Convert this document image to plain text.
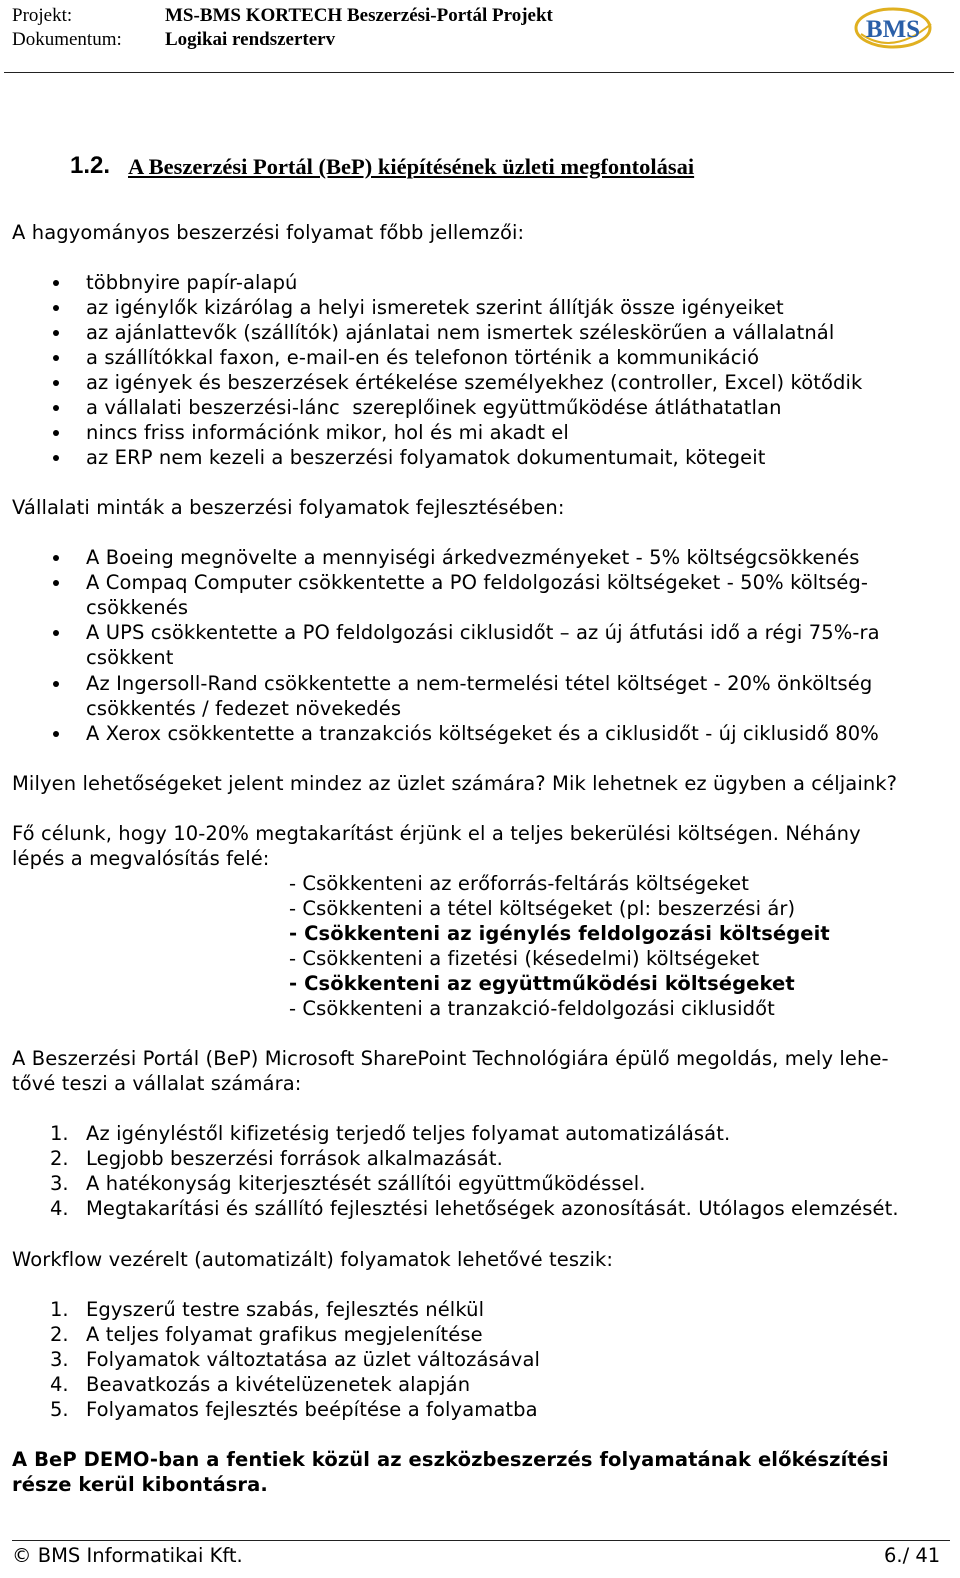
Projekt:	MS-BMS KORTECH Beszerzési-Portál Projekt
Dokumentum: Logikai rendszerterv	BMS
1.2. A Beszerzési Portál (BeP) kiépítésének üzleti megfontolásai
A hagyományos beszerzési folyamat főbb jellemzői:
többnyire papír-alapú
az igénylők kizárólag a helyi ismeretek szerint állítják össze igényeiket
az ajánlattevők (szállítók) ajánlatai nem ismertek széleskörűen a vállalatnál
a szállítókkal faxon, e-mail-en és telefonon történik a kommunikáció
az igények és beszerzések értékelése személyekhez (controller, Excel) kötődik
a vállalati beszerzési-lánc  szereplőinek együttműködése átláthatatlan
nincs friss információnk mikor, hol és mi akadt el
az ERP nem kezeli a beszerzési folyamatok dokumentumait, kötegeit
Vállalati minták a beszerzési folyamatok fejlesztésében:
A Boeing megnövelte a mennyiségi árkedvezményeket - 5% költségcsökkenés
A Compaq Computer csökkentette a PO feldolgozási költségeket - 50% költség-
csökkenés
A UPS csökkentette a PO feldolgozási ciklusidőt – az új átfutási idő a régi 75%-ra
csökkent
Az Ingersoll-Rand csökkentette a nem-termelési tétel költséget - 20% önköltség
csökkentés / fedezet növekedés
A Xerox csökkentette a tranzakciós költségeket és a ciklusidőt - új ciklusidő 80%
Milyen lehetőségeket jelent mindez az üzlet számára? Mik lehetnek ez ügyben a céljaink?
Fő célunk, hogy 10-20% megtakarítást érjünk el a teljes bekerülési költségen. Néhány
lépés a megvalósítás felé:
- Csökkenteni az erőforrás-feltárás költségeket
- Csökkenteni a tétel költségeket (pl: beszerzési ár)
- Csökkenteni az igénylés feldolgozási költségeit
- Csökkenteni a fizetési (késedelmi) költségeket
- Csökkenteni az együttműködési költségeket
- Csökkenteni a tranzakció-feldolgozási ciklusidőt
A Beszerzési Portál (BeP) Microsoft SharePoint Technológiára épülő megoldás, mely lehe-
tővé teszi a vállalat számára:
1. Az igényléstől kifizetésig terjedő teljes folyamat automatizálását.
2. Legjobb beszerzési források alkalmazását.
3. A hatékonyság kiterjesztését szállítói együttműködéssel.
4. Megtakarítási és szállító fejlesztési lehetőségek azonosítását. Utólagos elemzését.
Workflow vezérelt (automatizált) folyamatok lehetővé teszik:
1. Egyszerű testre szabás, fejlesztés nélkül
2. A teljes folyamat grafikus megjelenítése
3. Folyamatok változtatása az üzlet változásával
4. Beavatkozás a kivételüzenetek alapján
5. Folyamatos fejlesztés beépítése a folyamatba
A BeP DEMO-ban a fentiek közül az eszközbeszerzés folyamatának előkészítési
része kerül kibontásra.
© BMS Informatikai Kft.	6./ 41
